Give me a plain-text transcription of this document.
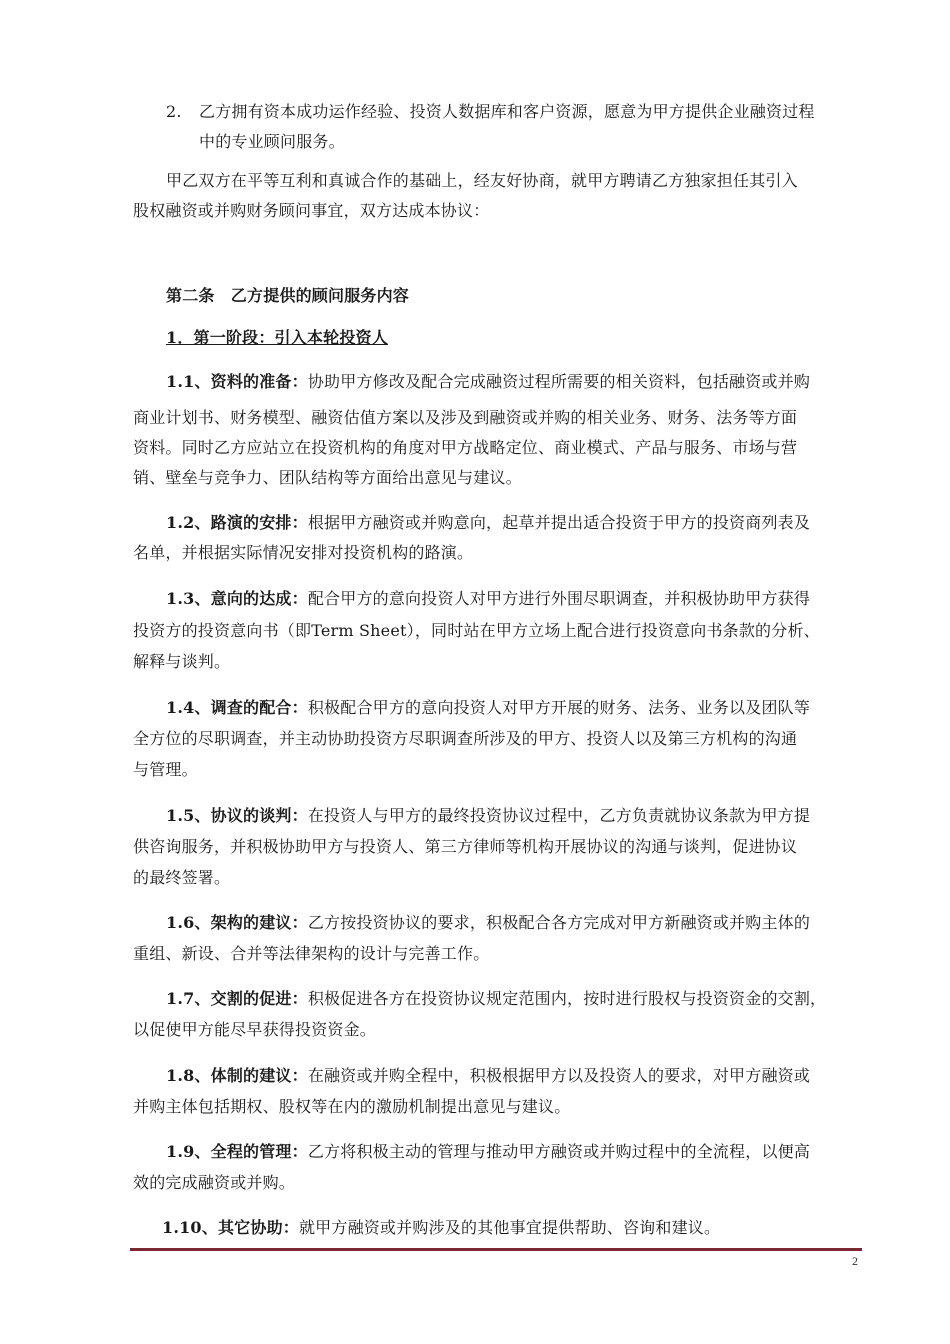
2. 乙方拥有资本成功运作经验、投资人数据库和客户资源，愿意为甲方提供企业融资过程
中的专业顾问服务。
甲乙双方在平等互利和真诚合作的基础上，经友好协商，就甲方聘请乙方独家担任其引入
股权融资或并购财务顾问事宜，双方达成本协议：
第二条　乙方提供的顾问服务内容
1．第一阶段：引入本轮投资人
1.1、资料的准备：协助甲方修改及配合完成融资过程所需要的相关资料，包括融资或并购
商业计划书、财务模型、融资估值方案以及涉及到融资或并购的相关业务、财务、法务等方面
资料。同时乙方应站立在投资机构的角度对甲方战略定位、商业模式、产品与服务、市场与营
销、壁垒与竞争力、团队结构等方面给出意见与建议。
1.2、路演的安排：根据甲方融资或并购意向，起草并提出适合投资于甲方的投资商列表及
名单，并根据实际情况安排对投资机构的路演。
1.3、意向的达成：配合甲方的意向投资人对甲方进行外围尽职调查，并积极协助甲方获得
投资方的投资意向书（即Term Sheet），同时站在甲方立场上配合进行投资意向书条款的分析、
解释与谈判。
1.4、调查的配合：积极配合甲方的意向投资人对甲方开展的财务、法务、业务以及团队等
全方位的尽职调查，并主动协助投资方尽职调查所涉及的甲方、投资人以及第三方机构的沟通
与管理。
1.5、协议的谈判：在投资人与甲方的最终投资协议过程中，乙方负责就协议条款为甲方提
供咨询服务，并积极协助甲方与投资人、第三方律师等机构开展协议的沟通与谈判，促进协议
的最终签署。
1.6、架构的建议：乙方按投资协议的要求，积极配合各方完成对甲方新融资或并购主体的
重组、新设、合并等法律架构的设计与完善工作。
1.7、交割的促进：积极促进各方在投资协议规定范围内，按时进行股权与投资资金的交割，
以促使甲方能尽早获得投资资金。
1.8、体制的建议：在融资或并购全程中，积极根据甲方以及投资人的要求，对甲方融资或
并购主体包括期权、股权等在内的激励机制提出意见与建议。
1.9、全程的管理：乙方将积极主动的管理与推动甲方融资或并购过程中的全流程，以便高
效的完成融资或并购。
1.10、其它协助：就甲方融资或并购涉及的其他事宜提供帮助、咨询和建议。
2
